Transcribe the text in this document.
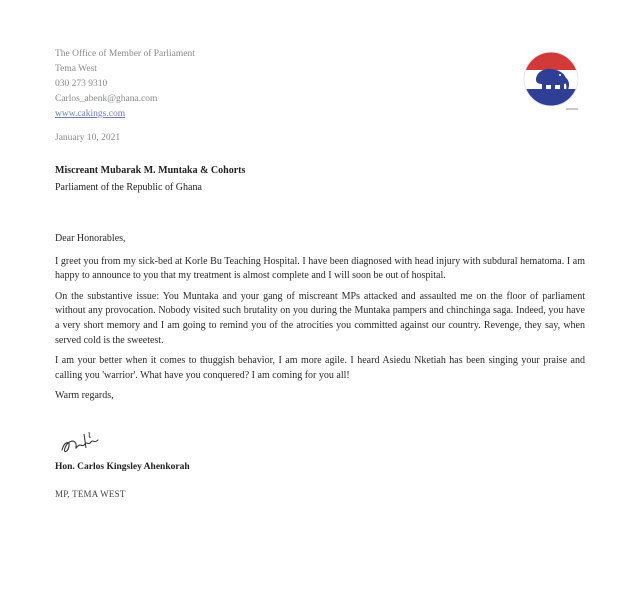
The Office of Member of Parliament
Tema West
030 273 9310
Carlos_abenk@ghana.com
www.cakings.com
January 10, 2021
Miscreant Mubarak M. Muntaka & Cohorts
Parliament of the Republic of Ghana

Dear Honorables,

I greet you from my sick-bed at Korle Bu Teaching Hospital. I have been diagnosed with head injury with subdural hematoma. I am happy to announce to you that my treatment is almost complete and I will soon be out of hospital.

On the substantive issue: You Muntaka and your gang of miscreant MPs attacked and assaulted me on the floor of parliament without any provocation. Nobody visited such brutality on you during the Muntaka pampers and chinchinga saga. Indeed, you have a very short memory and I am going to remind you of the atrocities you committed against our country. Revenge, they say, when served cold is the sweetest.

I am your better when it comes to thuggish behavior, I am more agile. I heard Asiedu Nketiah has been singing your praise and calling you 'warrior'. What have you conquered? I am coming for you all!

Warm regards,

Hon. Carlos Kingsley Ahenkorah
MP, TEMA WEST
